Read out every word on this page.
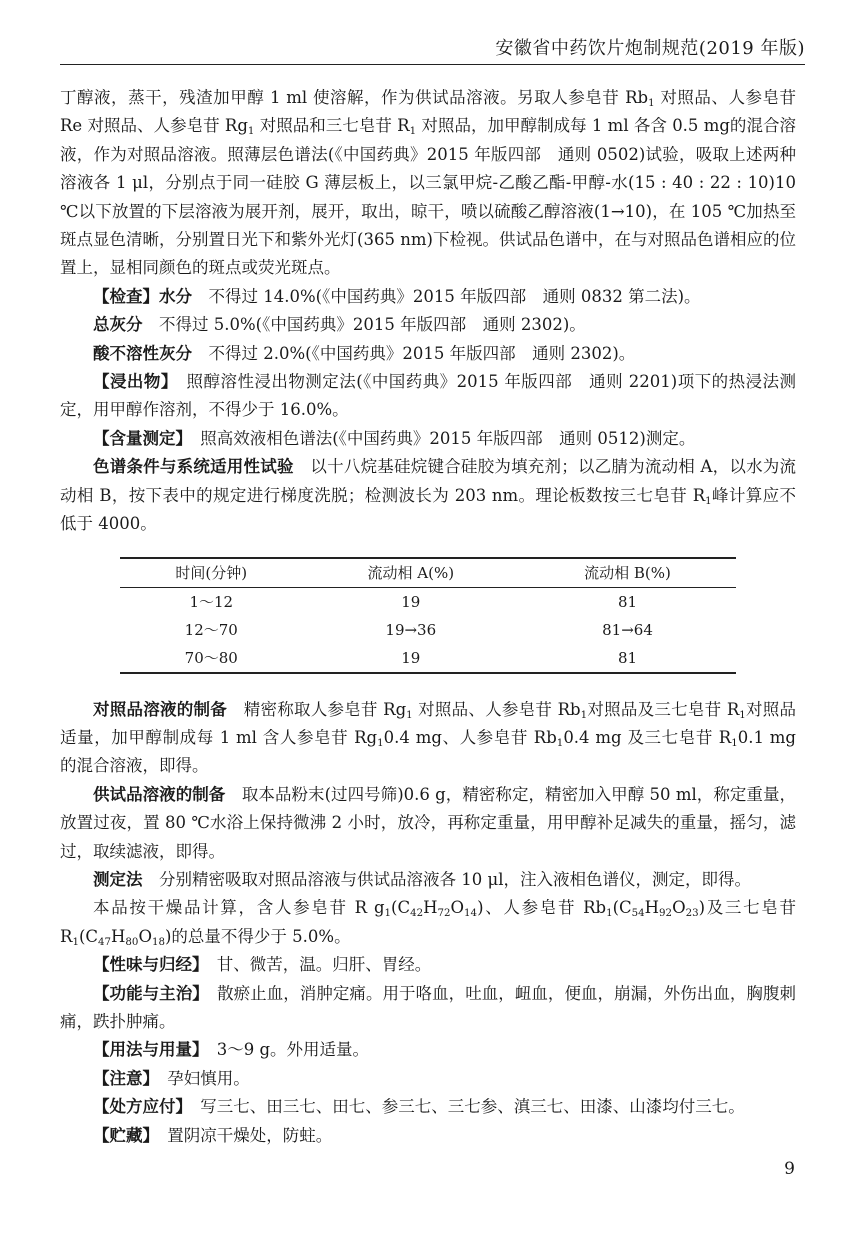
安徽省中药饮片炮制规范(2019 年版)

丁醇液，蒸干，残渣加甲醇 1 ml 使溶解，作为供试品溶液。另取人参皂苷 $Rb_1$ 对照品、人参皂苷 Re 对照品、人参皂苷 $Rg_1$ 对照品和三七皂苷 $R_1$ 对照品，加甲醇制成每 1 ml 各含 0.5 mg的混合溶液，作为对照品溶液。照薄层色谱法(《中国药典》2015 年版四部　通则 0502)试验，吸取上述两种溶液各 1 μl，分别点于同一硅胶 G 薄层板上，以三氯甲烷-乙酸乙酯-甲醇-水(15 : 40 : 22 : 10)10 ℃以下放置的下层溶液为展开剂，展开，取出，晾干，喷以硫酸乙醇溶液(1→10)，在 105 ℃加热至斑点显色清晰，分别置日光下和紫外光灯(365 nm)下检视。供试品色谱中，在与对照品色谱相应的位置上，显相同颜色的斑点或荧光斑点。

【检查】水分　 不得过 14.0%(《中国药典》2015 年版四部　通则 0832 第二法)。

总灰分　 不得过 5.0%(《中国药典》2015 年版四部　通则 2302)。

酸不溶性灰分　 不得过 2.0%(《中国药典》2015 年版四部　通则 2302)。

【浸出物】　 照醇溶性浸出物测定法(《中国药典》2015 年版四部　通则 2201)项下的热浸法测定，用甲醇作溶剂，不得少于 16.0%。

【含量测定】　 照高效液相色谱法(《中国药典》2015 年版四部　通则 0512)测定。

色谱条件与系统适用性试验　 以十八烷基硅烷键合硅胶为填充剂；以乙腈为流动相 A，以水为流动相 B，按下表中的规定进行梯度洗脱；检测波长为 203 nm。理论板数按三七皂苷 $R_1$峰计算应不低于 4000。

时间(分钟)	流动相 A(%)	流动相 B(%)
1～12	19	81
12～70	19→36	81→64
70～80	19	81

对照品溶液的制备　 精密称取人参皂苷 $Rg_1$ 对照品、人参皂苷 $Rb_1$对照品及三七皂苷 $R_1$对照品适量，加甲醇制成每 1 ml 含人参皂苷 $Rg_10.4$ mg、人参皂苷 $Rb_10.4$ mg 及三七皂苷 $R_10.1$ mg 的混合溶液，即得。

供试品溶液的制备　 取本品粉末(过四号筛)0.6 g，精密称定，精密加入甲醇 50 ml，称定重量，放置过夜，置 80 ℃水浴上保持微沸 2 小时，放冷，再称定重量，用甲醇补足减失的重量，摇匀，滤过，取续滤液，即得。

测定法　 分别精密吸取对照品溶液与供试品溶液各 10 μl，注入液相色谱仪，测定，即得。

本品按干燥品计算，含人参皂苷 R $g_1(C_{42}H_{72}O_{14})$、人参皂苷 $Rb_1(C_{54}H_{92}O_{23})$及三七皂苷 $R_1(C_{47}H_{80}O_{18})$的总量不得少于 5.0%。

【性味与归经】　 甘、微苦，温。归肝、胃经。

【功能与主治】　 散瘀止血，消肿定痛。用于咯血，吐血，衄血，便血，崩漏，外伤出血，胸腹刺痛，跌扑肿痛。

【用法与用量】　 3～9 g。外用适量。

【注意】　 孕妇慎用。

【处方应付】　 写三七、田三七、田七、参三七、三七参、滇三七、田漆、山漆均付三七。

【贮藏】　 置阴凉干燥处，防蛀。

9
